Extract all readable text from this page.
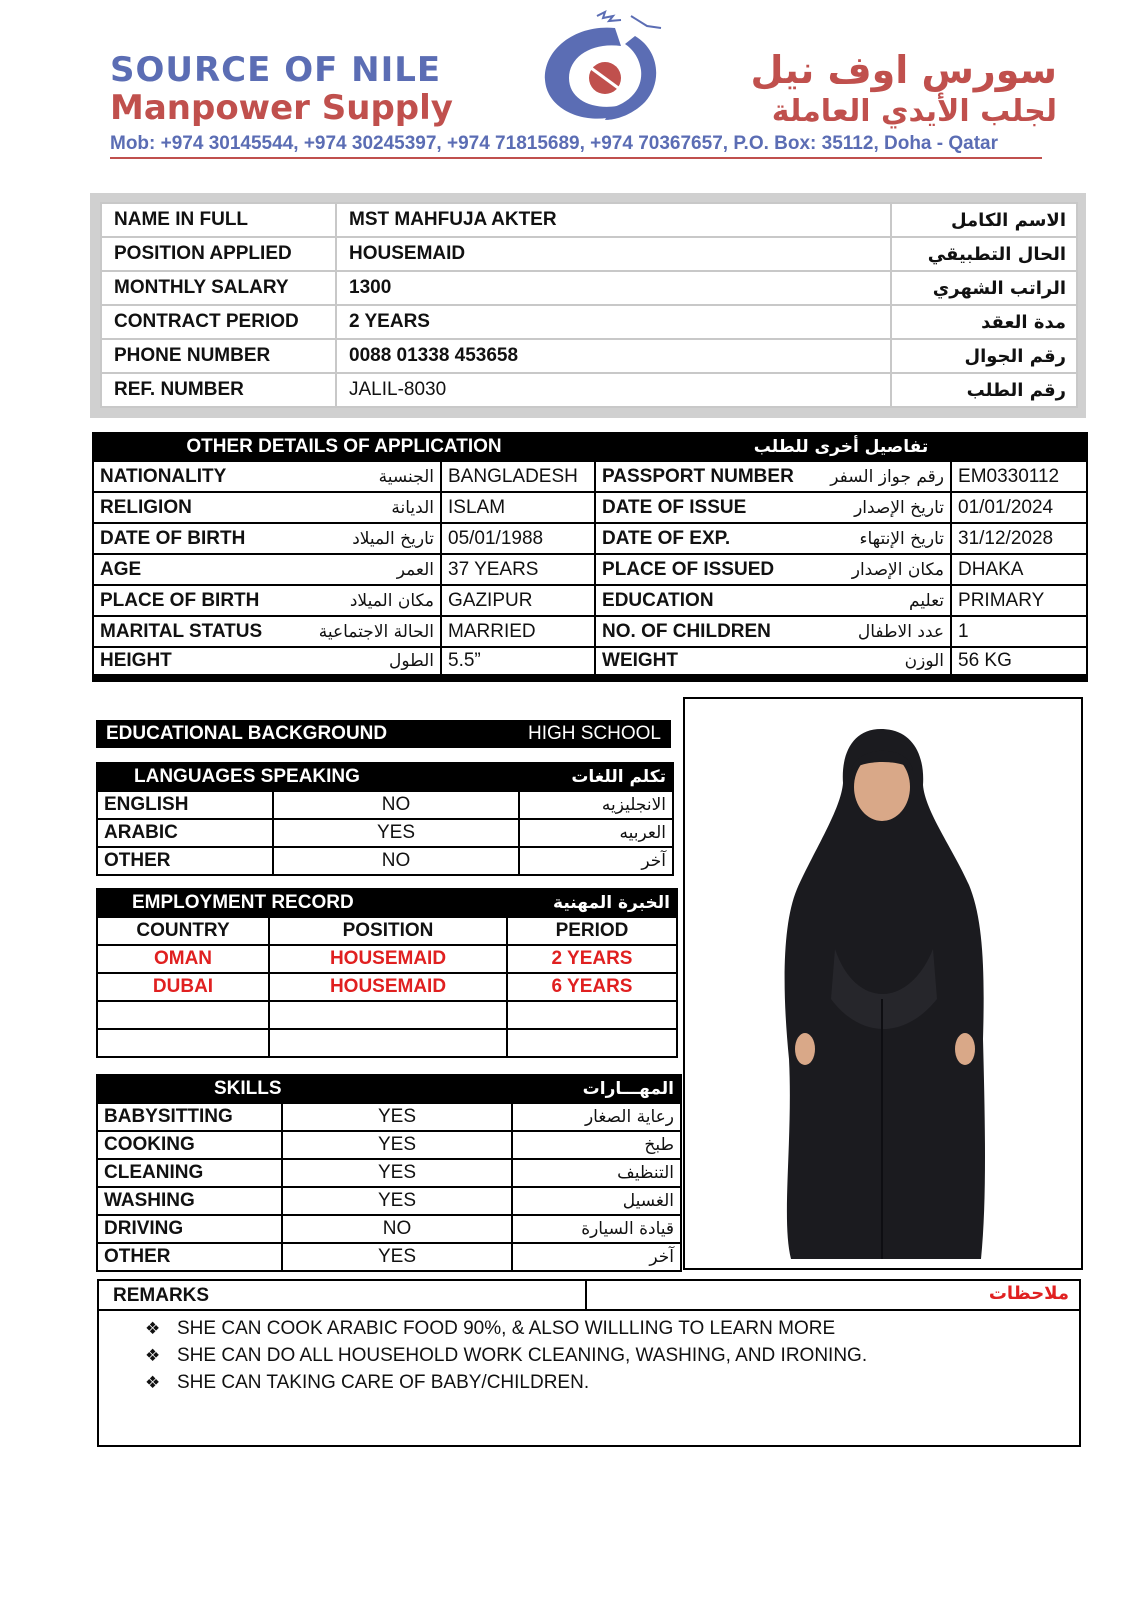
SOURCE OF NILE
Manpower Supply
سورس اوف نيل
لجلب الأيدي العاملة
Mob: +974 30145544, +974 30245397, +974 71815689, +974 70367657, P.O. Box: 35112, Doha - Qatar
NAME IN FULL	MST MAHFUJA AKTER	الاسم الكامل
POSITION APPLIED	HOUSEMAID	الحال التطبيقي
MONTHLY SALARY	1300	الراتب الشهري
CONTRACT PERIOD	2 YEARS	مدة العقد
PHONE NUMBER	0088 01338 453658	رقم الجوال
REF. NUMBER	JALIL-8030	رقم الطلب
OTHER DETAILS OF APPLICATION			تفاصيل أخرى للطلب		
NATIONALITY	الجنسية	BANGLADESH	PASSPORT NUMBER	رقم جواز السفر	EM0330112
RELIGION	الديانة	ISLAM	DATE OF ISSUE	تاريخ الإصدار	01/01/2024
DATE OF BIRTH	تاريخ الميلاد	05/01/1988	DATE OF EXP.	تاريخ الإنتهاء	31/12/2028
AGE	العمر	37 YEARS	PLACE OF ISSUED	مكان الإصدار	DHAKA
PLACE OF BIRTH	مكان الميلاد	GAZIPUR	EDUCATION	تعليم	PRIMARY
MARITAL STATUS	الحالة الاجتماعية	MARRIED	NO. OF CHILDREN	عدد الاطفال	1
HEIGHT	الطول	5.5”	WEIGHT	الوزن	56 KG
EDUCATIONAL BACKGROUND	HIGH SCHOOL
LANGUAGES SPEAKING		تكلم اللغات
ENGLISH	NO	الانجليزيه
ARABIC	YES	العربيه
OTHER	NO	آخر
EMPLOYMENT RECORD		الخبرة المهنية
COUNTRY	POSITION	PERIOD
OMAN	HOUSEMAID	2 YEARS
DUBAI	HOUSEMAID	6 YEARS

SKILLS		المهـــارات
BABYSITTING	YES	رعاية الصغار
COOKING	YES	طبخ
CLEANING	YES	التنظيف
WASHING	YES	الغسيل
DRIVING	NO	قيادة السيارة
OTHER	YES	آخر
REMARKS	ملاحظات
❖ SHE CAN COOK ARABIC FOOD 90%, & ALSO WILLLING TO LEARN MORE
❖ SHE CAN DO ALL HOUSEHOLD WORK CLEANING, WASHING, AND IRONING.
❖ SHE CAN TAKING CARE OF BABY/CHILDREN.
